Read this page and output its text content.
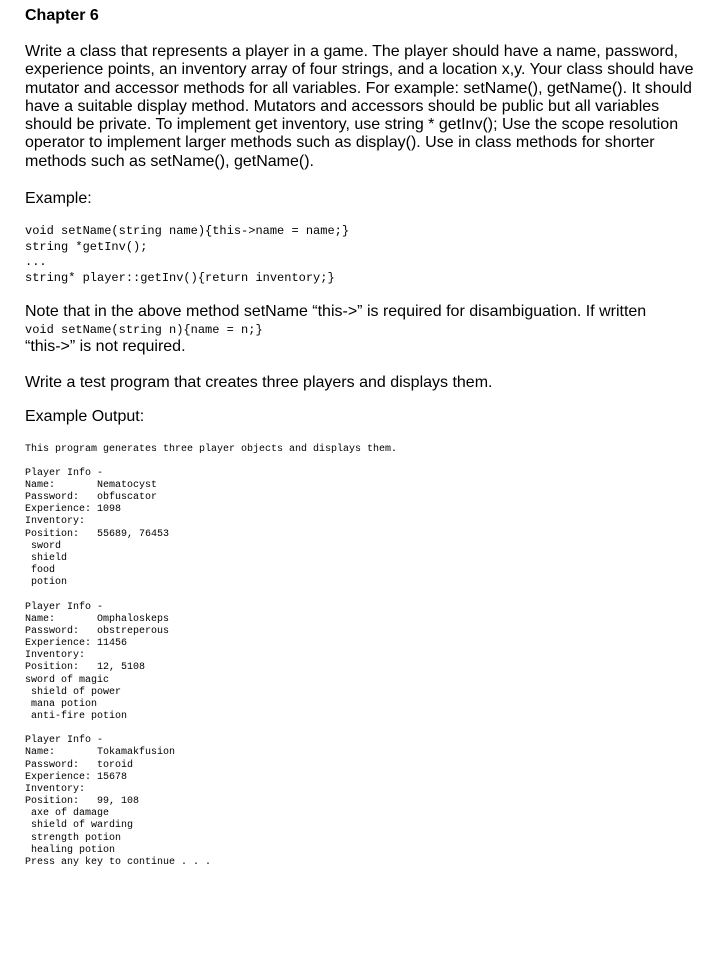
Chapter 6

Write a class that represents a player in a game. The player should have a name, password, experience points, an inventory array of four strings, and a location x,y. Your class should have mutator and accessor methods for all variables. For example: setName(), getName(). It should have a suitable display method. Mutators and accessors should be public but all variables should be private. To implement get inventory, use string * getInv(); Use the scope resolution operator to implement larger methods such as display(). Use in class methods for shorter methods such as setName(), getName().

Example:

void setName(string name){this->name = name;}
string *getInv();
...
string* player::getInv(){return inventory;}

Note that in the above method setName “this->” is required for disambiguation. If written

void setName(string n){name = n;}

“this->” is not required.

Write a test program that creates three players and displays them.

Example Output:

This program generates three player objects and displays them.
Player Info -
Name:       Nematocyst
Password:   obfuscator
Experience: 1098
Inventory:
Position:   55689, 76453
sword
shield
food
potion
Player Info -
Name:       Omphaloskeps
Password:   obstreperous
Experience: 11456
Inventory:
Position:   12, 5108
sword of magic
shield of power
mana potion
anti-fire potion
Player Info -
Name:       Tokamakfusion
Password:   toroid
Experience: 15678
Inventory:
Position:   99, 108
axe of damage
shield of warding
strength potion
healing potion
Press any key to continue . . .
